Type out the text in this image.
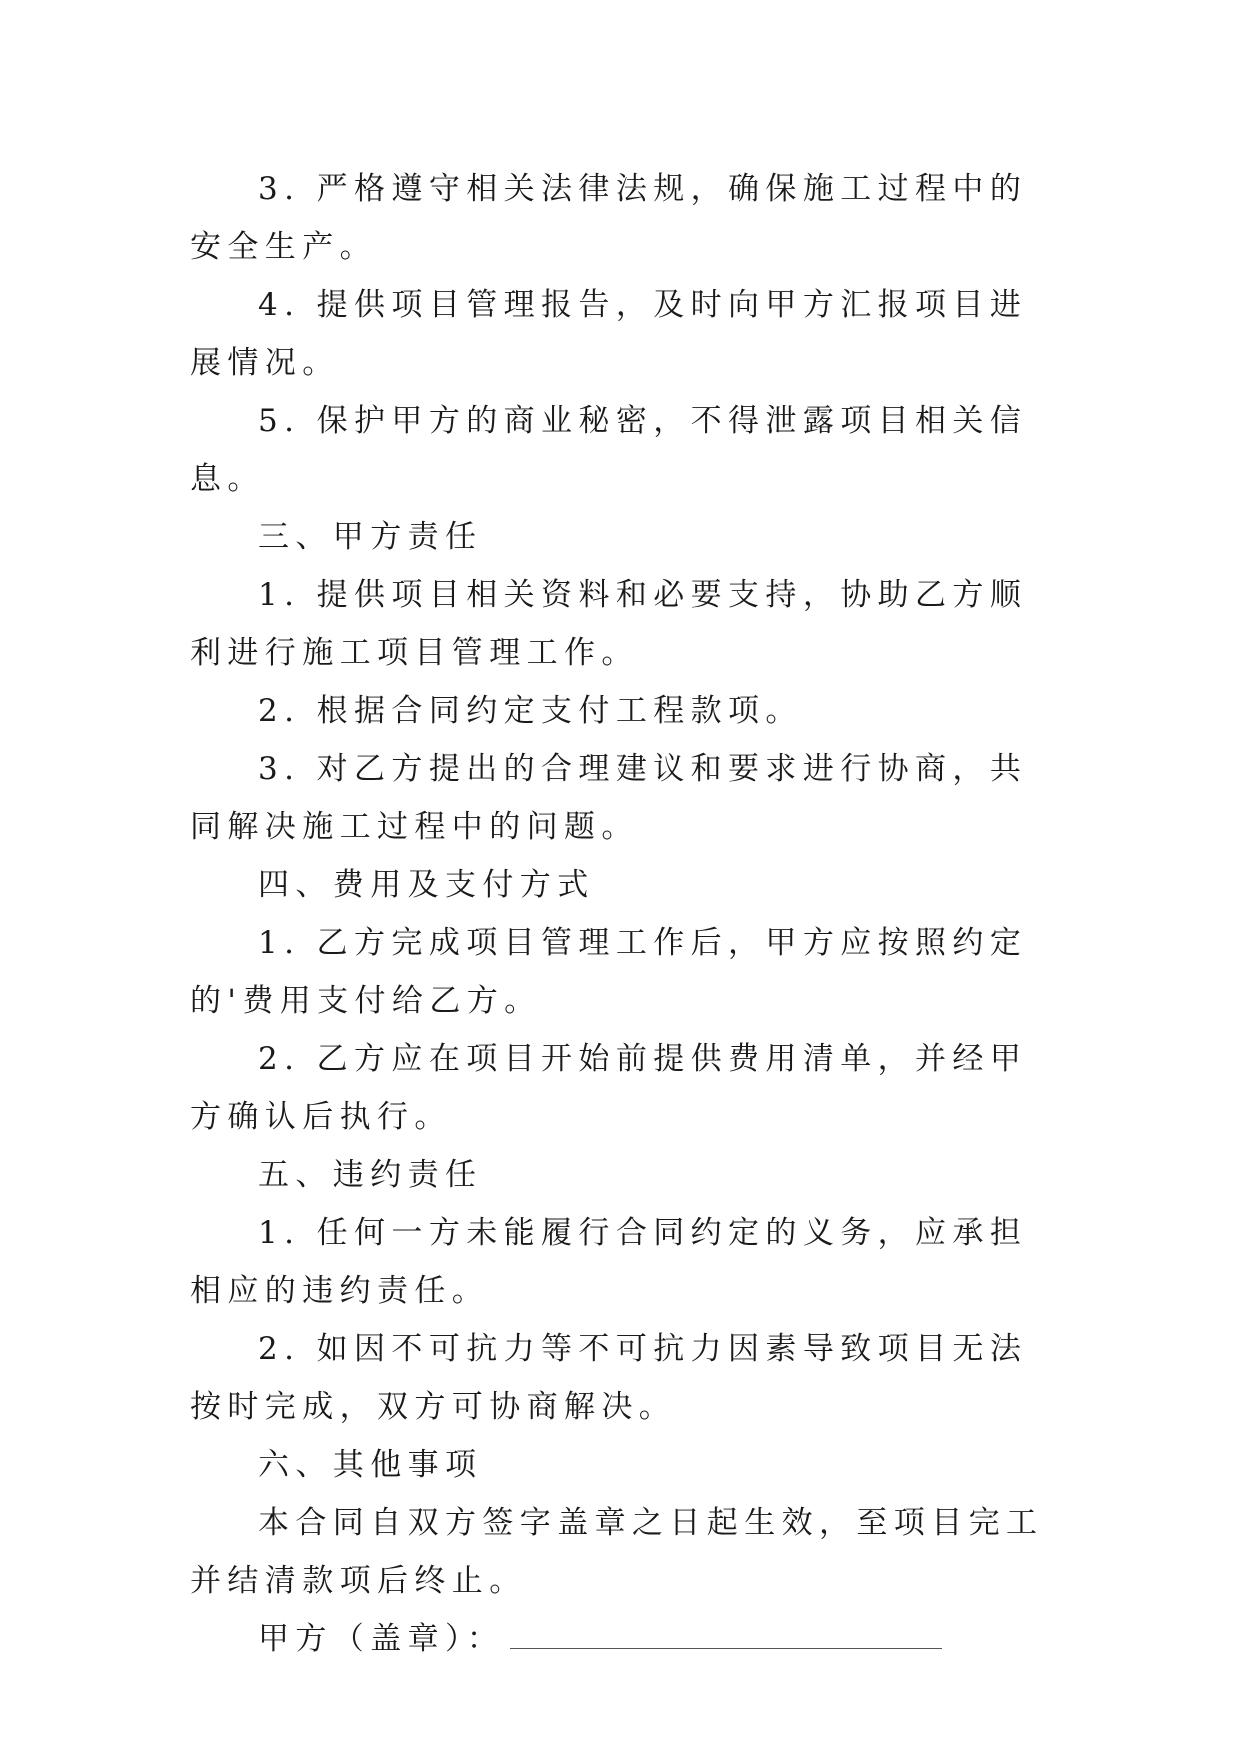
3. 严格遵守相关法律法规，确保施工过程中的安全生产。

4. 提供项目管理报告，及时向甲方汇报项目进展情况。

5. 保护甲方的商业秘密，不得泄露项目相关信息。

三、甲方责任

1. 提供项目相关资料和必要支持，协助乙方顺利进行施工项目管理工作。

2. 根据合同约定支付工程款项。

3. 对乙方提出的合理建议和要求进行协商，共同解决施工过程中的问题。

四、费用及支付方式

1. 乙方完成项目管理工作后，甲方应按照约定的'费用支付给乙方。

2. 乙方应在项目开始前提供费用清单，并经甲方确认后执行。

五、违约责任

1. 任何一方未能履行合同约定的义务，应承担相应的违约责任。

2. 如因不可抗力等不可抗力因素导致项目无法按时完成，双方可协商解决。

六、其他事项

本合同自双方签字盖章之日起生效，至项目完工并结清款项后终止。

甲方（盖章）：
